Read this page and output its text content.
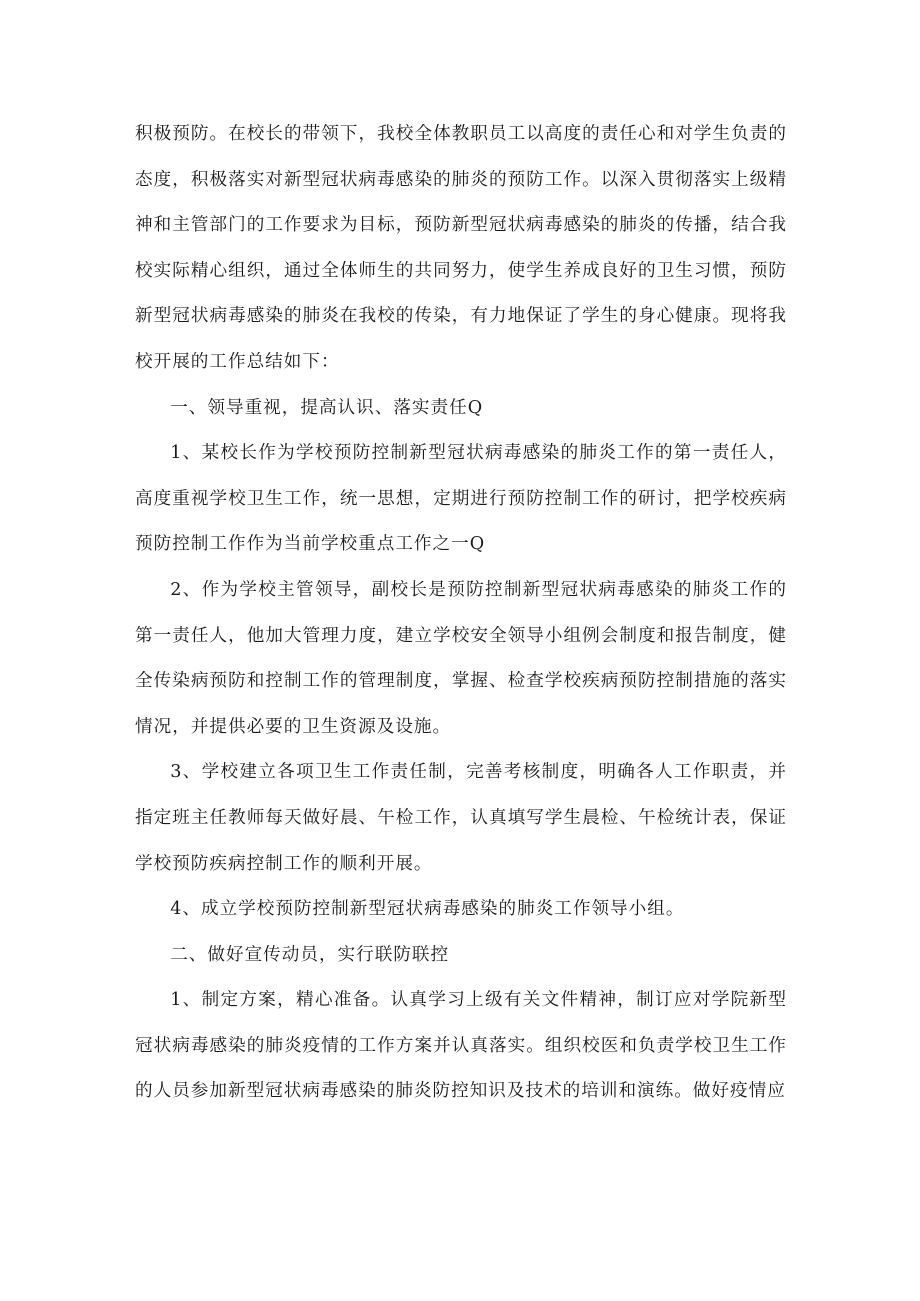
积极预防。在校长的带领下，我校全体教职员工以高度的责任心和对学生负责的态度，积极落实对新型冠状病毒感染的肺炎的预防工作。以深入贯彻落实上级精神和主管部门的工作要求为目标，预防新型冠状病毒感染的肺炎的传播，结合我校实际精心组织，通过全体师生的共同努力，使学生养成良好的卫生习惯，预防新型冠状病毒感染的肺炎在我校的传染，有力地保证了学生的身心健康。现将我校开展的工作总结如下：

一、领导重视，提高认识、落实责任Q

1、某校长作为学校预防控制新型冠状病毒感染的肺炎工作的第一责任人，高度重视学校卫生工作，统一思想，定期进行预防控制工作的研讨，把学校疾病预防控制工作作为当前学校重点工作之一Q

2、作为学校主管领导，副校长是预防控制新型冠状病毒感染的肺炎工作的第一责任人，他加大管理力度，建立学校安全领导小组例会制度和报告制度，健全传染病预防和控制工作的管理制度，掌握、检查学校疾病预防控制措施的落实情况，并提供必要的卫生资源及设施。

3、学校建立各项卫生工作责任制，完善考核制度，明确各人工作职责，并指定班主任教师每天做好晨、午检工作，认真填写学生晨检、午检统计表，保证学校预防疾病控制工作的顺利开展。

4、成立学校预防控制新型冠状病毒感染的肺炎工作领导小组。

二、做好宣传动员，实行联防联控

1、制定方案，精心准备。认真学习上级有关文件精神，制订应对学院新型冠状病毒感染的肺炎疫情的工作方案并认真落实。组织校医和负责学校卫生工作的人员参加新型冠状病毒感染的肺炎防控知识及技术的培训和演练。做好疫情应
